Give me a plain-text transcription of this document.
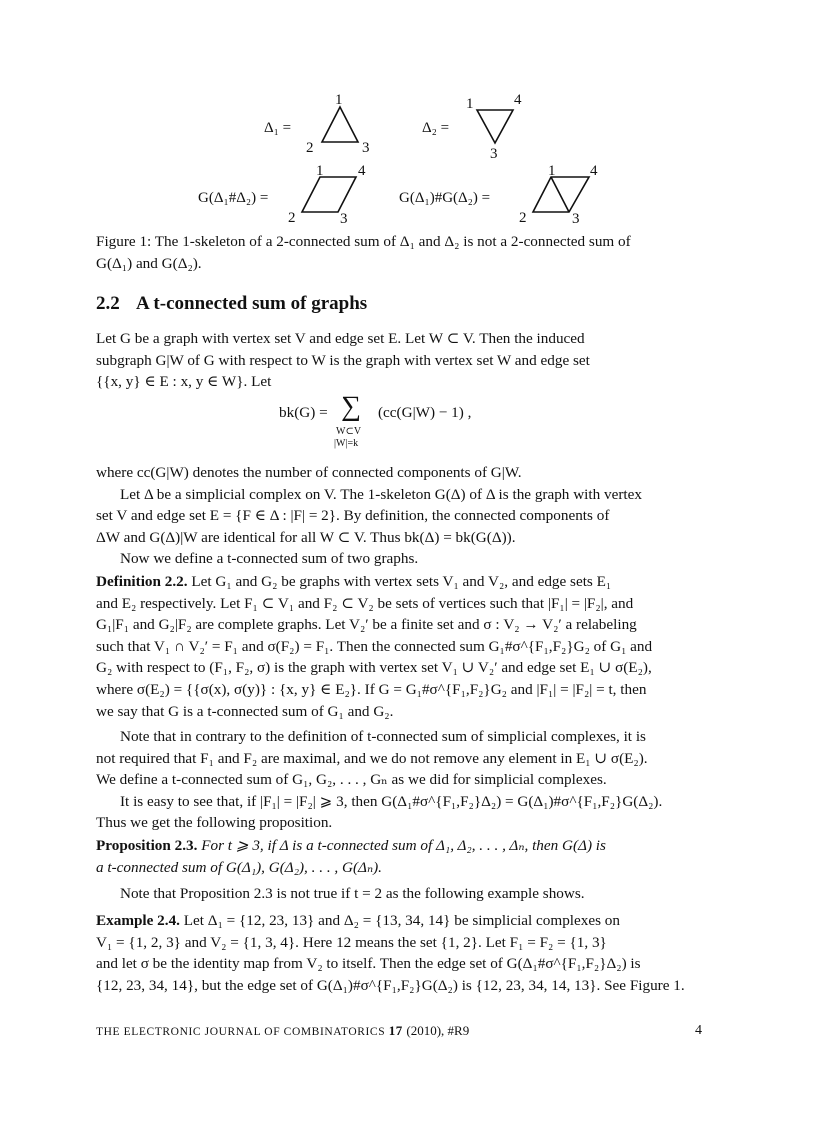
Δ₁ =
1
2	3
Δ₂ =
1	4
3
G(Δ₁#Δ₂) =
1 4
2	3
G(Δ₁)#G(Δ₂) =
1 4
2	3

Figure 1: The 1-skeleton of a 2-connected sum of Δ₁ and Δ₂ is not a 2-connected sum of

G(Δ₁) and G(Δ₂).

2.2 A t-connected sum of graphs

Let G be a graph with vertex set V and edge set E. Let W ⊂ V. Then the induced

subgraph G|W of G with respect to W is the graph with vertex set W and edge set

{{x, y} ∈ E : x, y ∈ W}. Let

bk(G) = ∑ (cc(G|W) − 1) ,
W⊂V
|W|=k

where cc(G|W) denotes the number of connected components of G|W.

Let Δ be a simplicial complex on V. The 1-skeleton G(Δ) of Δ is the graph with vertex

set V and edge set E = {F ∈ Δ : |F| = 2}. By definition, the connected components of

ΔW and G(Δ)|W are identical for all W ⊂ V. Thus bk(Δ) = bk(G(Δ)).

Now we define a t-connected sum of two graphs.

Definition 2.2. Let G₁ and G₂ be graphs with vertex sets V₁ and V₂, and edge sets E₁

and E₂ respectively. Let F₁ ⊂ V₁ and F₂ ⊂ V₂ be sets of vertices such that |F₁| = |F₂|, and

G₁|F₁ and G₂|F₂ are complete graphs. Let V₂′ be a finite set and σ : V₂ → V₂′ a relabeling

such that V₁ ∩ V₂′ = F₁ and σ(F₂) = F₁. Then the connected sum G₁#σ^{F₁,F₂}G₂ of G₁ and

G₂ with respect to (F₁, F₂, σ) is the graph with vertex set V₁ ∪ V₂′ and edge set E₁ ∪ σ(E₂),

where σ(E₂) = {{σ(x), σ(y)} : {x, y} ∈ E₂}. If G = G₁#σ^{F₁,F₂}G₂ and |F₁| = |F₂| = t, then

we say that G is a t-connected sum of G₁ and G₂.

Note that in contrary to the definition of t-connected sum of simplicial complexes, it is

not required that F₁ and F₂ are maximal, and we do not remove any element in E₁ ∪ σ(E₂).

We define a t-connected sum of G₁, G₂, . . . , Gₙ as we did for simplicial complexes.

It is easy to see that, if |F₁| = |F₂| ⩾ 3, then G(Δ₁#σ^{F₁,F₂}Δ₂) = G(Δ₁)#σ^{F₁,F₂}G(Δ₂).

Thus we get the following proposition.

Proposition 2.3. For t ⩾ 3, if Δ is a t-connected sum of Δ₁, Δ₂, . . . , Δₙ, then G(Δ) is

a t-connected sum of G(Δ₁), G(Δ₂), . . . , G(Δₙ).

Note that Proposition 2.3 is not true if t = 2 as the following example shows.

Example 2.4. Let Δ₁ = {12, 23, 13} and Δ₂ = {13, 34, 14} be simplicial complexes on

V₁ = {1, 2, 3} and V₂ = {1, 3, 4}. Here 12 means the set {1, 2}. Let F₁ = F₂ = {1, 3}

and let σ be the identity map from V₂ to itself. Then the edge set of G(Δ₁#σ^{F₁,F₂}Δ₂) is

{12, 23, 34, 14}, but the edge set of G(Δ₁)#σ^{F₁,F₂}G(Δ₂) is {12, 23, 34, 14, 13}. See Figure 1.

THE ELECTRONIC JOURNAL OF COMBINATORICS 17 (2010), #R9	4
